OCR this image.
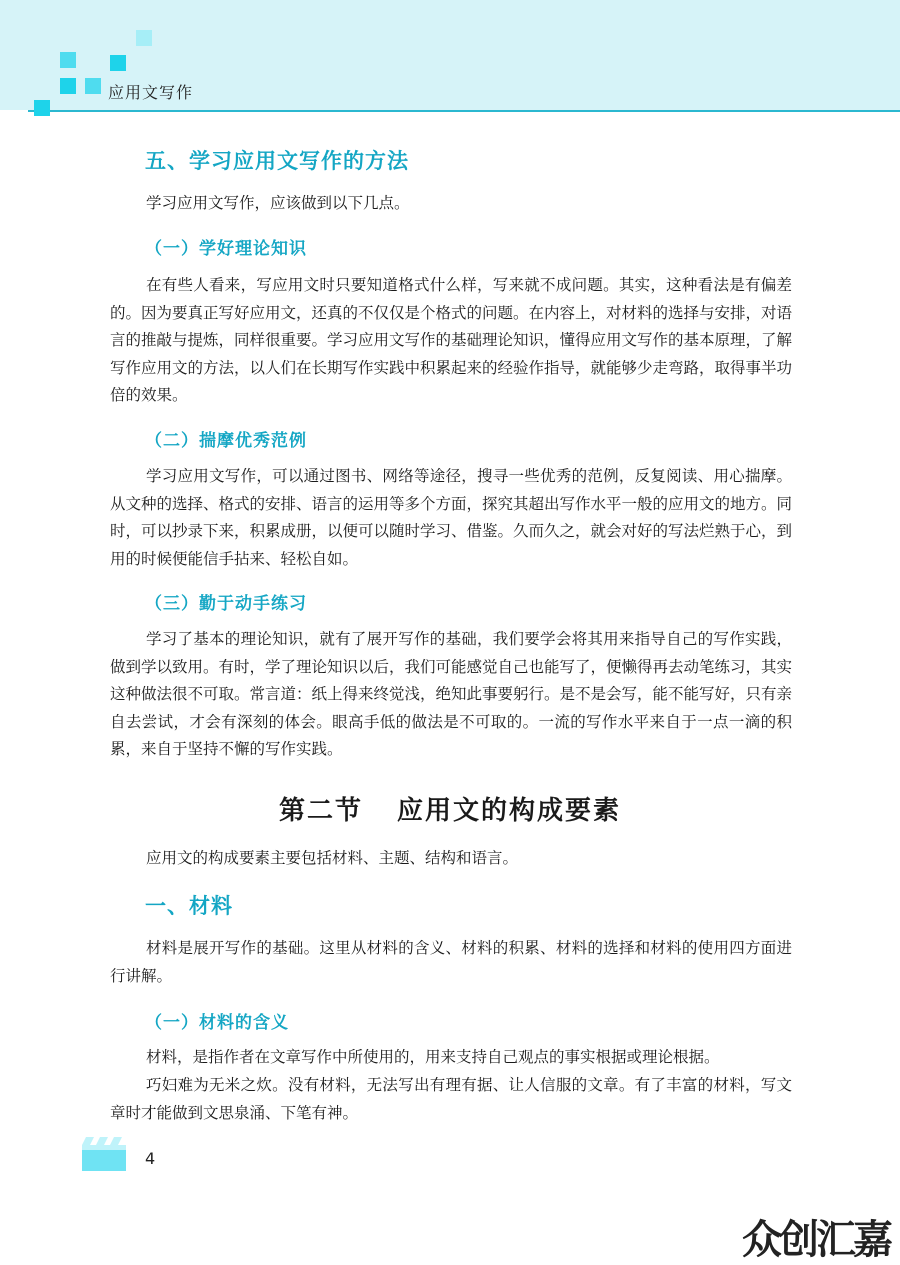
应用文写作
五、学习应用文写作的方法

学习应用文写作，应该做到以下几点。

（一）学好理论知识

在有些人看来，写应用文时只要知道格式什么样，写来就不成问题。其实，这种看法是有偏差的。因为要真正写好应用文，还真的不仅仅是个格式的问题。在内容上，对材料的选择与安排，对语言的推敲与提炼，同样很重要。学习应用文写作的基础理论知识，懂得应用文写作的基本原理，了解写作应用文的方法，以人们在长期写作实践中积累起来的经验作指导，就能够少走弯路，取得事半功倍的效果。

（二）揣摩优秀范例

学习应用文写作，可以通过图书、网络等途径，搜寻一些优秀的范例，反复阅读、用心揣摩。从文种的选择、格式的安排、语言的运用等多个方面，探究其超出写作水平一般的应用文的地方。同时，可以抄录下来，积累成册，以便可以随时学习、借鉴。久而久之，就会对好的写法烂熟于心，到用的时候便能信手拈来、轻松自如。

（三）勤于动手练习

学习了基本的理论知识，就有了展开写作的基础，我们要学会将其用来指导自己的写作实践，做到学以致用。有时，学了理论知识以后，我们可能感觉自己也能写了，便懒得再去动笔练习，其实这种做法很不可取。常言道：纸上得来终觉浅，绝知此事要躬行。是不是会写，能不能写好，只有亲自去尝试，才会有深刻的体会。眼高手低的做法是不可取的。一流的写作水平来自于一点一滴的积累，来自于坚持不懈的写作实践。

第二节 应用文的构成要素

应用文的构成要素主要包括材料、主题、结构和语言。

一、材料

材料是展开写作的基础。这里从材料的含义、材料的积累、材料的选择和材料的使用四方面进行讲解。

（一）材料的含义

材料，是指作者在文章写作中所使用的，用来支持自己观点的事实根据或理论根据。

巧妇难为无米之炊。没有材料，无法写出有理有据、让人信服的文章。有了丰富的材料，写文章时才能做到文思泉涌、下笔有神。

4
众创汇嘉
